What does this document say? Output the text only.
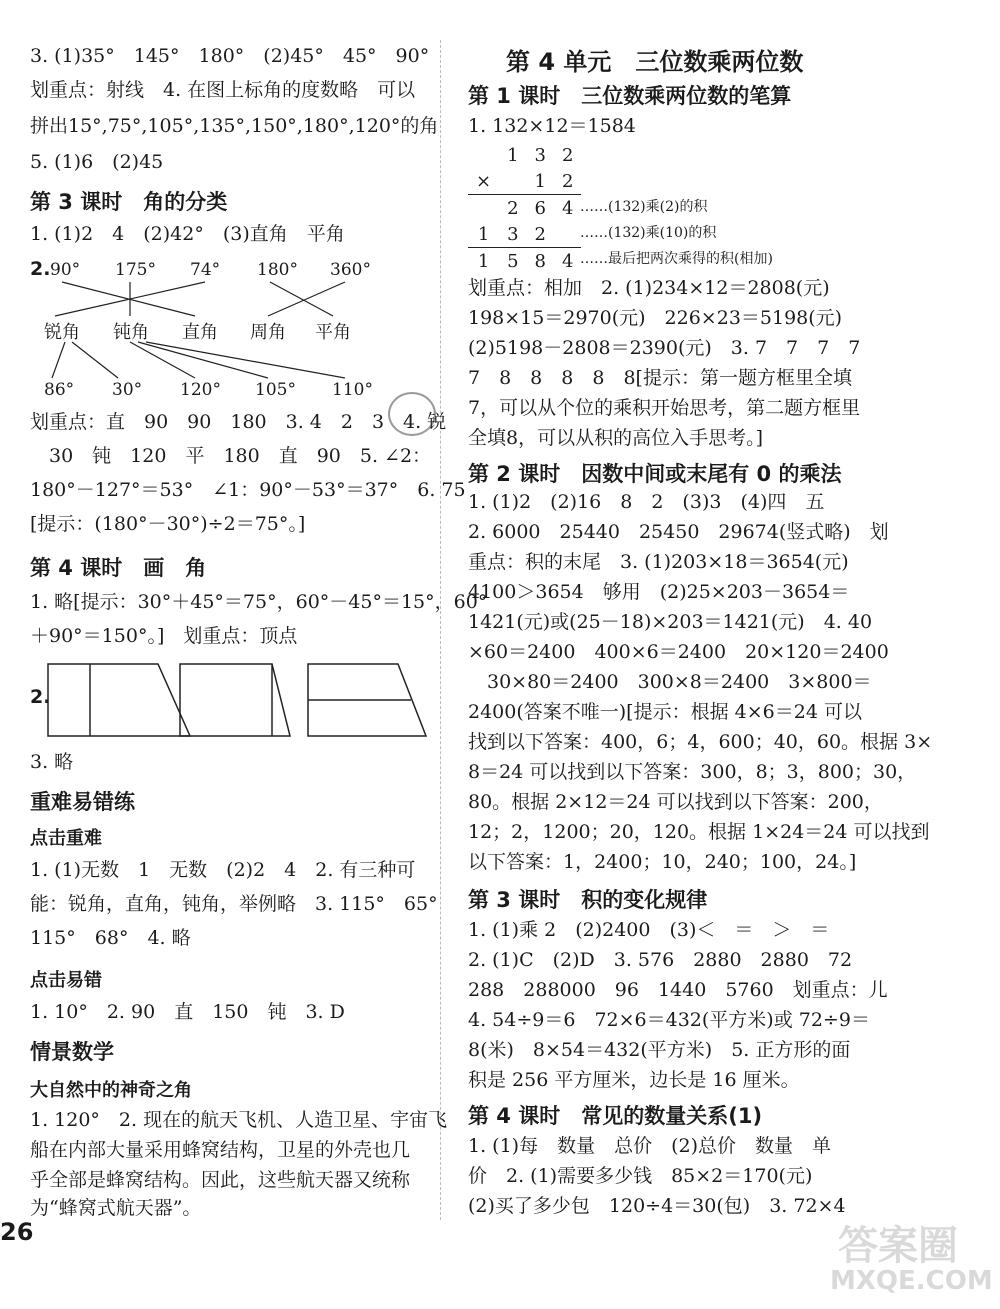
3. (1)35°　145°　180°　(2)45°　45°　90°
划重点：射线　4. 在图上标角的度数略　可以
拼出15°,75°,105°,135°,150°,180°,120°的角
5. (1)6　(2)45
第 3 课时　角的分类
1. (1)2　4　(2)42°　(3)直角　平角
2. 90° 175° 74° 180° 360°
锐角 钝角 直角 周角 平角
86° 30° 120° 105° 110°
划重点：直　90　90　180　3. 4　2　3　4. 锐
　30　钝　120　平　180　直　90　5. ∠2：
180°－127°＝53°　∠1：90°－53°＝37°　6. 75
[提示：(180°－30°)÷2＝75°。]
第 4 课时　画　角
1. 略[提示：30°＋45°＝75°，60°－45°＝15°，60°
＋90°＝150°。]　划重点：顶点
2.
3. 略
重难易错练
点击重难
1. (1)无数　1　无数　(2)2　4　2. 有三种可
能：锐角，直角，钝角，举例略　3. 115°　65°
115°　68°　4. 略
点击易错
1. 10°　2. 90　直　150　钝　3. D
情景数学
大自然中的神奇之角
1. 120°　2. 现在的航天飞机、人造卫星、宇宙飞
船在内部大量采用蜂窝结构，卫星的外壳也几
乎全部是蜂窝结构。因此，这些航天器又统称
为“蜂窝式航天器”。
26
第 4 单元　三位数乘两位数
第 1 课时　三位数乘两位数的笔算
1. 132×12＝1584
	1	3	2
×		1	2
	2	6	4
1	3	2	
1	5	8	4
……(132)乘(2)的积
……(132)乘(10)的积
……最后把两次乘得的积(相加)
划重点：相加　2. (1)234×12＝2808(元)
198×15＝2970(元)　226×23＝5198(元)
(2)5198－2808＝2390(元)　3. 7　7　7　7
7　8　8　8　8　8[提示：第一题方框里全填
7，可以从个位的乘积开始思考，第二题方框里
全填8，可以从积的高位入手思考。]
第 2 课时　因数中间或末尾有 0 的乘法
1. (1)2　(2)16　8　2　(3)3　(4)四　五
2. 6000　25440　25450　29674(竖式略)　划
重点：积的末尾　3. (1)203×18＝3654(元)
4100＞3654　够用　(2)25×203－3654＝
1421(元)或(25－18)×203＝1421(元)　4. 40
×60＝2400　400×6＝2400　20×120＝2400
　30×80＝2400　300×8＝2400　3×800＝
2400(答案不唯一)[提示：根据 4×6＝24 可以
找到以下答案：400，6；4，600；40，60。根据 3×
8＝24 可以找到以下答案：300，8；3，800；30，
80。根据 2×12＝24 可以找到以下答案：200，
12；2，1200；20，120。根据 1×24＝24 可以找到
以下答案：1，2400；10，240；100，24。]
第 3 课时　积的变化规律
1. (1)乘 2　(2)2400　(3)＜　＝　＞　＝
2. (1)C　(2)D　3. 576　2880　2880　72
288　288000　96　1440　5760　划重点：儿
4. 54÷9＝6　72×6＝432(平方米)或 72÷9＝
8(米)　8×54＝432(平方米)　5. 正方形的面
积是 256 平方厘米，边长是 16 厘米。
第 4 课时　常见的数量关系(1)
1. (1)每　数量　总价　(2)总价　数量　单
价　2. (1)需要多少钱　85×2＝170(元)
(2)买了多少包　120÷4＝30(包)　3. 72×4
答案圈
MXQE.COM
